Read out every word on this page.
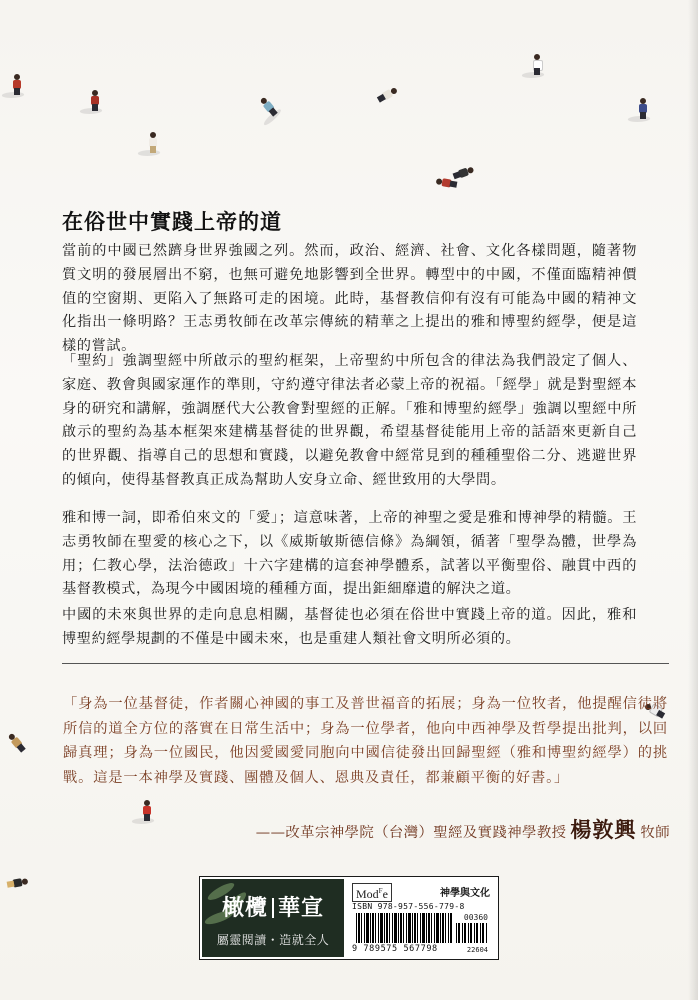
在俗世中實踐上帝的道

當前的中國已然躋身世界強國之列。然而，政治、經濟、社會、文化各樣問題，隨著物質文明的發展層出不窮，也無可避免地影響到全世界。轉型中的中國，不僅面臨精神價值的空窗期、更陷入了無路可走的困境。此時，基督教信仰有沒有可能為中國的精神文化指出一條明路？王志勇牧師在改革宗傳統的精華之上提出的雅和博聖約經學，便是這樣的嘗試。

「聖約」強調聖經中所啟示的聖約框架，上帝聖約中所包含的律法為我們設定了個人、家庭、教會與國家運作的準則，守約遵守律法者必蒙上帝的祝福。「經學」就是對聖經本身的研究和講解，強調歷代大公教會對聖經的正解。「雅和博聖約經學」強調以聖經中所啟示的聖約為基本框架來建構基督徒的世界觀，希望基督徒能用上帝的話語來更新自己的世界觀、指導自己的思想和實踐，以避免教會中經常見到的種種聖俗二分、逃避世界的傾向，使得基督教真正成為幫助人安身立命、經世致用的大學問。

雅和博一詞，即希伯來文的「愛」；這意味著，上帝的神聖之愛是雅和博神學的精髓。王志勇牧師在聖愛的核心之下，以《威斯敏斯德信條》為綱領，循著「聖學為體，世學為用；仁教心學，法治德政」十六字建構的這套神學體系，試著以平衡聖俗、融貫中西的基督教模式，為現今中國困境的種種方面，提出鉅細靡遺的解決之道。

中國的未來與世界的走向息息相關，基督徒也必須在俗世中實踐上帝的道。因此，雅和博聖約經學規劃的不僅是中國未來，也是重建人類社會文明所必須的。

「身為一位基督徒，作者關心神國的事工及普世福音的拓展；身為一位牧者，他提醒信徒將所信的道全方位的落實在日常生活中；身為一位學者，他向中西神學及哲學提出批判，以回歸真理；身為一位國民，他因愛國愛同胞向中國信徒發出回歸聖經（雅和博聖約經學）的挑戰。這是一本神學及實踐、團體及個人、恩典及責任，都兼顧平衡的好書。」

——改革宗神學院（台灣）聖經及實踐神學教授 楊敦興 牧師
橄欖 華宣
屬靈閱讀・造就全人
Mod$^F$e	神學與文化
ISBN 978-957-556-779-8
00360
9 789575 567798	22604
